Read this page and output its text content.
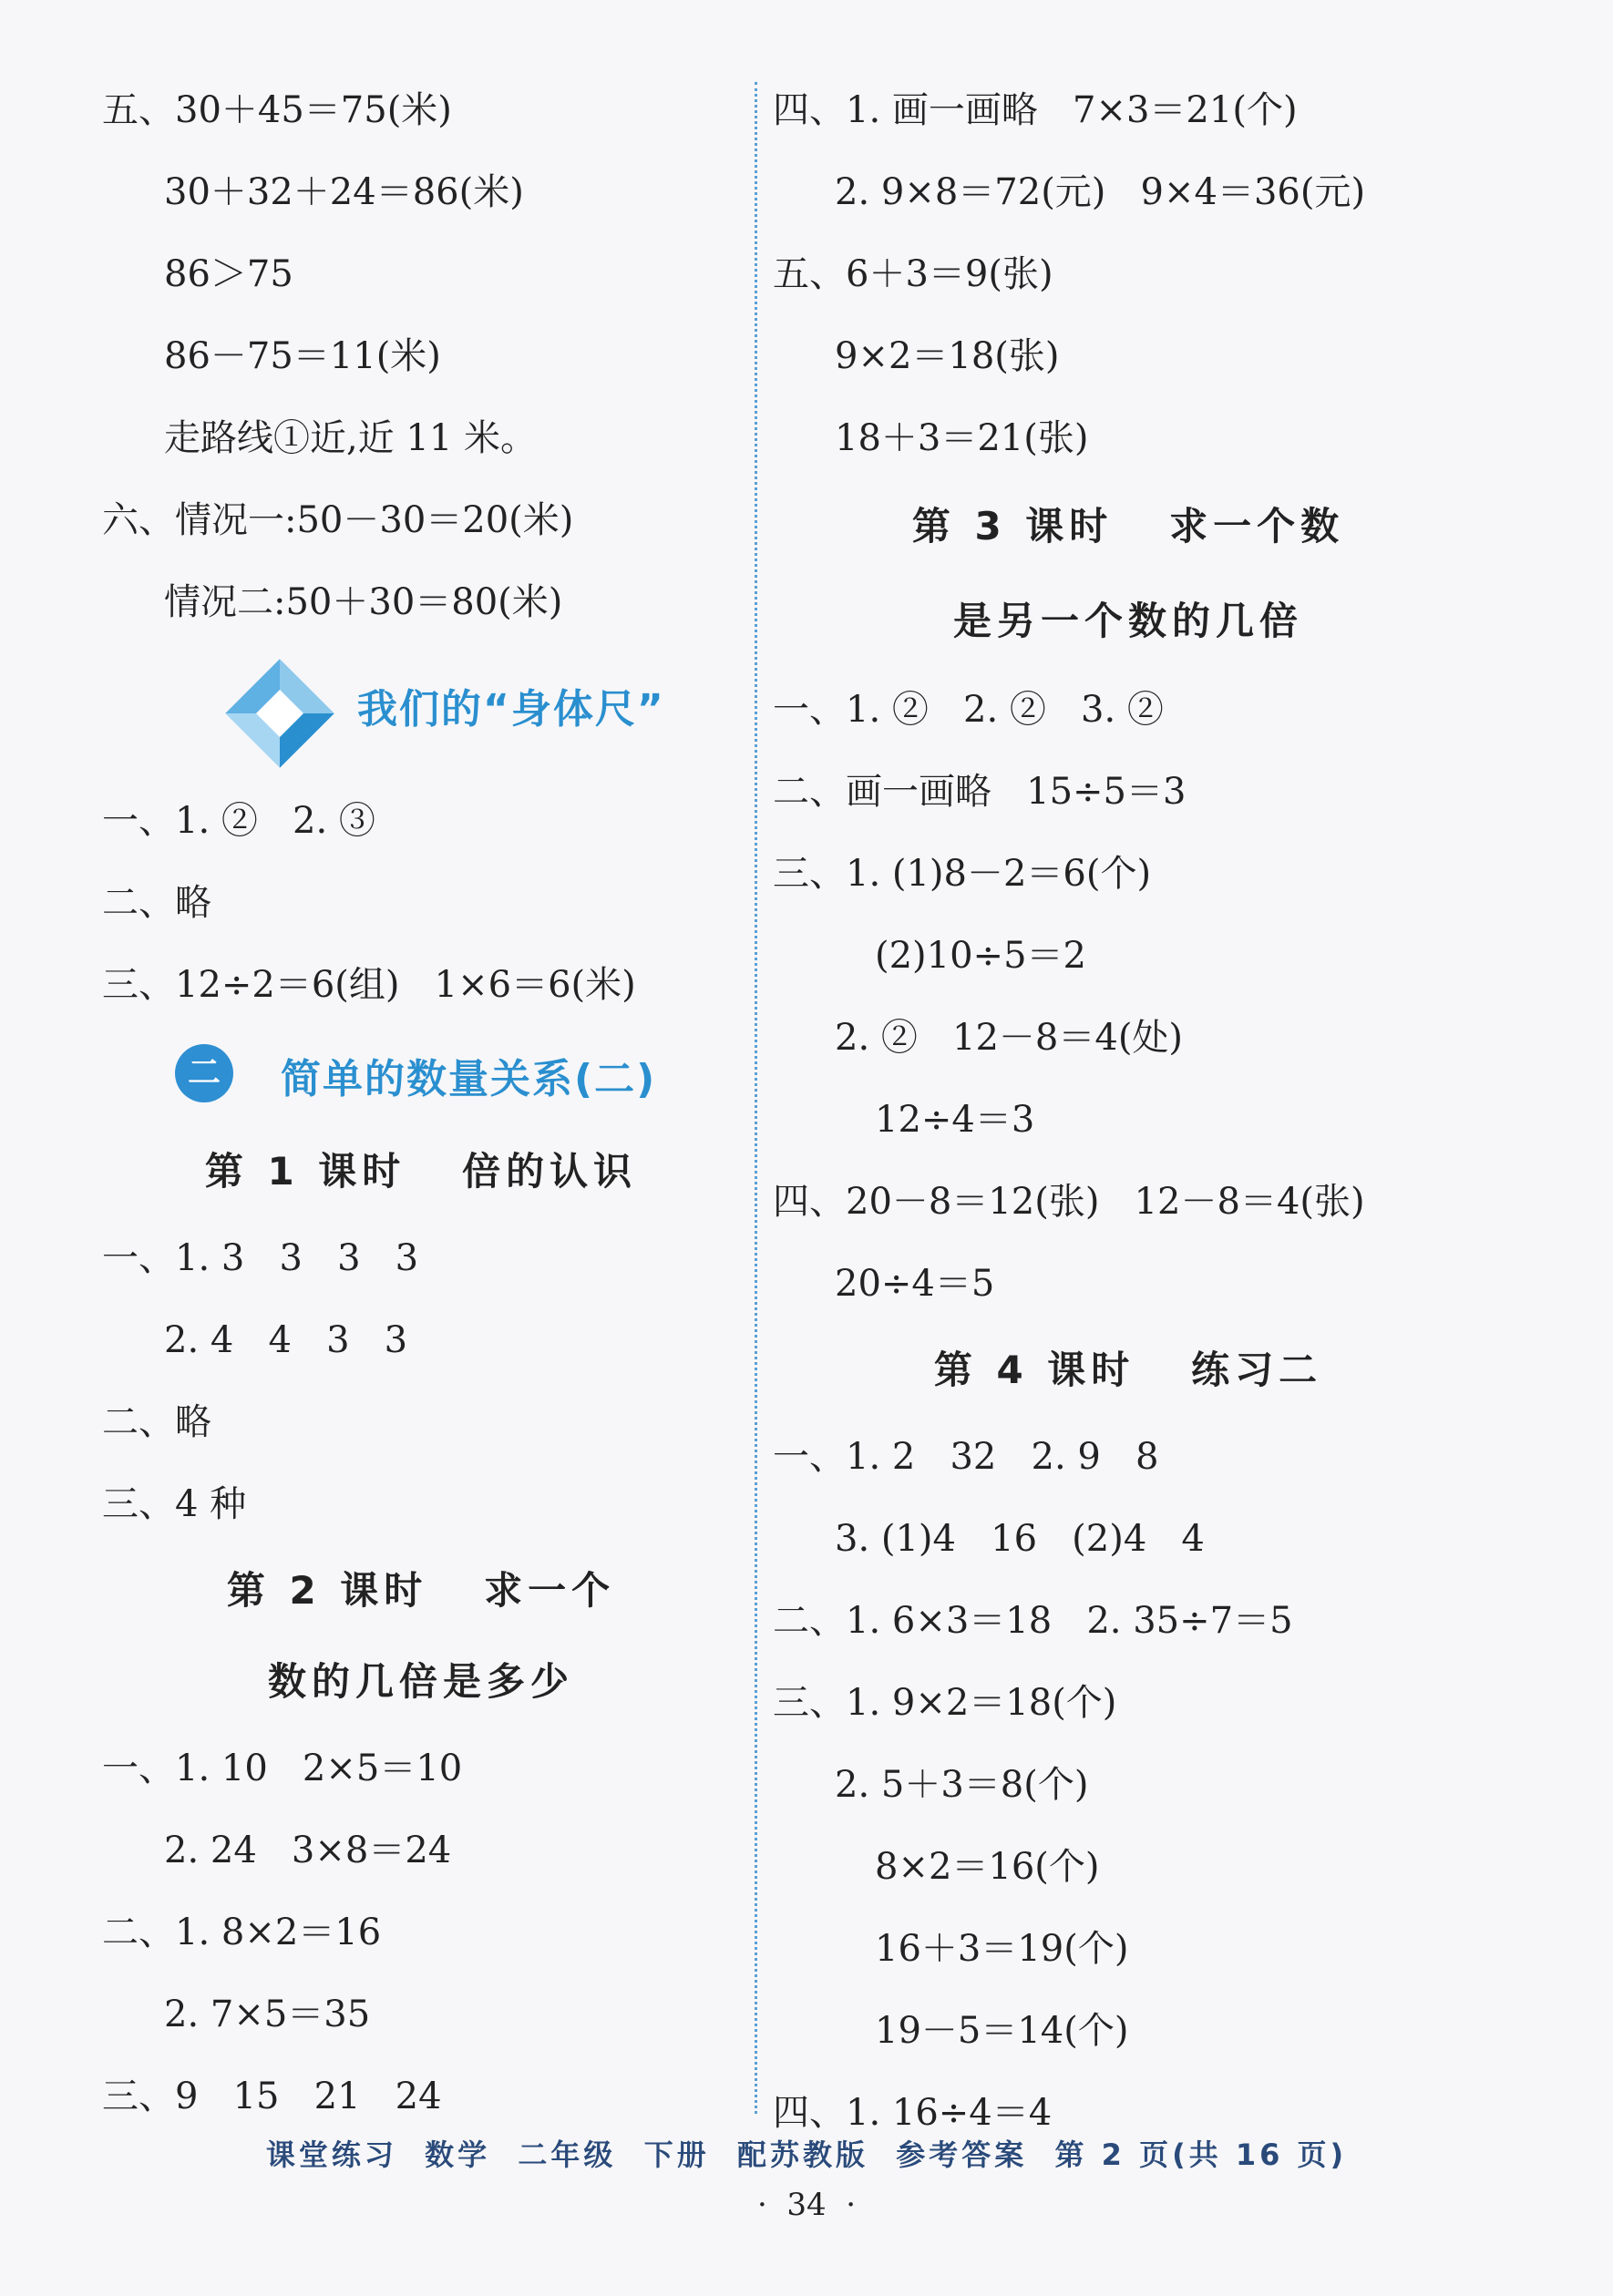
五、30＋45＝75(米)
30＋32＋24＝86(米)
86＞75
86－75＝11(米)
走路线①近,近 11 米。
六、情况一:50－30＝20(米)
情况二:50＋30＝80(米)
我们的“身体尺”
一、1. ②   2. ③
二、略
三、12÷2＝6(组)   1×6＝6(米)
二	简单的数量关系(二)
第 1 课时   倍的认识
一、1. 3   3   3   3
2. 4   4   3   3
二、略
三、4 种
第 2 课时   求一个
数的几倍是多少
一、1. 10   2×5＝10
2. 24   3×8＝24
二、1. 8×2＝16
2. 7×5＝35
三、9   15   21   24
四、1. 画一画略   7×3＝21(个)
2. 9×8＝72(元)   9×4＝36(元)
五、6＋3＝9(张)
9×2＝18(张)
18＋3＝21(张)
第 3 课时   求一个数
是另一个数的几倍
一、1. ②   2. ②   3. ②
二、画一画略   15÷5＝3
三、1. (1)8－2＝6(个)
(2)10÷5＝2
2. ②   12－8＝4(处)
12÷4＝3
四、20－8＝12(张)   12－8＝4(张)
20÷4＝5
第 4 课时   练习二
一、1. 2   32   2. 9   8
3. (1)4   16   (2)4   4
二、1. 6×3＝18   2. 35÷7＝5
三、1. 9×2＝18(个)
2. 5＋3＝8(个)
8×2＝16(个)
16＋3＝19(个)
19－5＝14(个)
四、1. 16÷4＝4
课堂练习  数学  二年级  下册  配苏教版  参考答案  第 2 页(共 16 页)
·  34  ·
